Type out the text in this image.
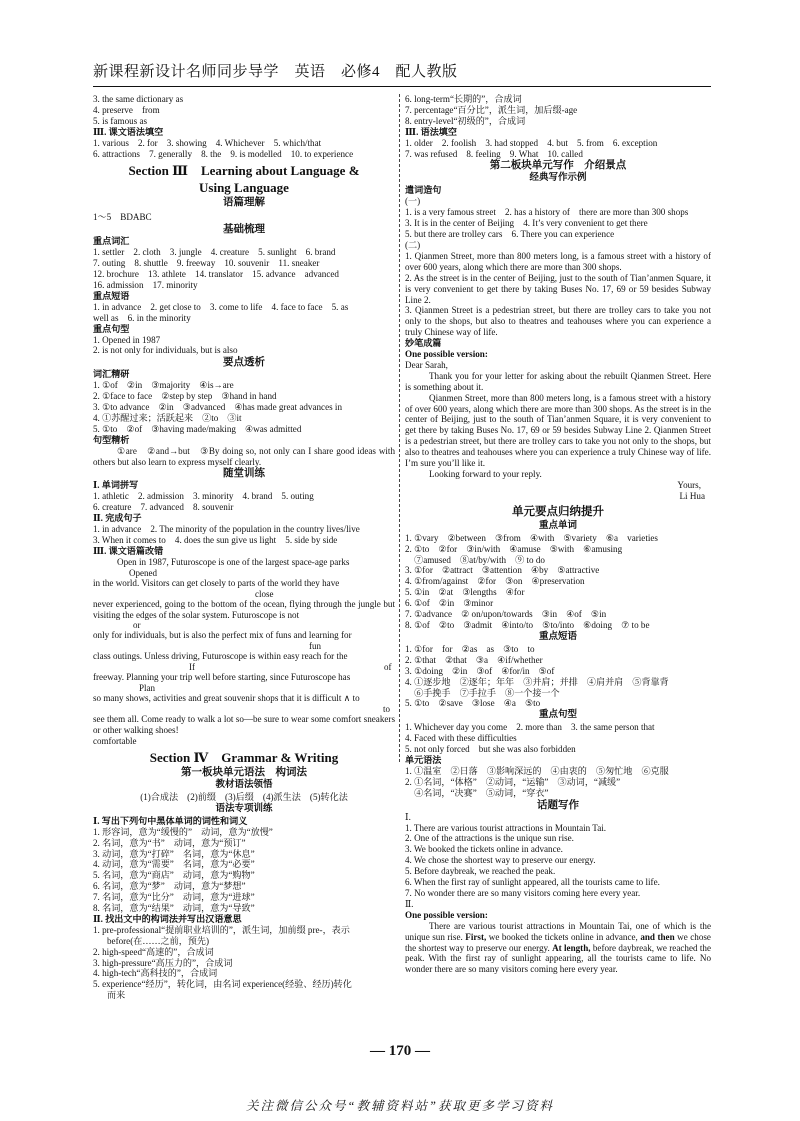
新课程新设计名师同步导学　英语　必修4　配人教版
3. the same dictionary as
4. preserve　from
5. is famous as
Ⅲ. 课文语法填空
1. various　2. for　3. showing　4. Whichever　5. which/that
6. attractions　7. generally　8. the　9. is modelled　10. to experience
Section Ⅲ　Learning about Language &
Using Language
语篇理解
1～5　BDABC
基础梳理
重点词汇
1. settler　2. cloth　3. jungle　4. creature　5. sunlight　6. brand
7. outing　8. shuttle　9. freeway　10. souvenir　11. sneaker
12. brochure　13. athlete　14. translator　15. advance　advanced
16. admission　17. minority
重点短语
1. in advance　2. get close to　3. come to life　4. face to face　5. as
well as　6. in the minority
重点句型
1. Opened in 1987
2. is not only for individuals, but is also
要点透析
词汇精研
1. ①of　②in　③majority　④is→are
2. ①face to face　②step by step　③hand in hand
3. ①to advance　②in　③advanced　④has made great advances in
4. ①苏醒过来；活跃起来　②to　③it
5. ①to　②of　③having made/making　④was admitted
句型精析
①are　②and→but　③By doing so, not only can I share good ideas with others but also learn to express myself clearly.
随堂训练
Ⅰ. 单词拼写
1. athletic　2. admission　3. minority　4. brand　5. outing
6. creature　7. advanced　8. souvenir
Ⅱ. 完成句子
1. in advance　2. The minority of the population in the country lives/live
3. When it comes to　4. does the sun give us light　5. side by side
Ⅲ. 课文语篇改错
Open in 1987, Futuroscope is one of the largest space-age parks
Opened
in the world. Visitors can get closely to parts of the world they have
close
never experienced, going to the bottom of the ocean, flying through the jungle but visiting the edges of the solar system. Futuroscope is not
or
only for individuals, but is also the perfect mix of funs and learning for
fun
class outings. Unless driving, Futuroscope is within easy reach for the
If　　　　　　　　　　　　　　　　　　　　　of
freeway. Planning your trip well before starting, since Futuroscope has
Plan
so many shows, activities and great souvenir shops that it is difficult ∧ to
to
see them all. Come ready to walk a lot so—be sure to wear some comfort sneakers or other walking shoes!
comfortable
Section Ⅳ　Grammar & Writing
第一板块单元语法　构词法
教材语法领悟
(1)合成法　(2)前缀　(3)后缀　(4)派生法　(5)转化法
语法专项训练
Ⅰ. 写出下列句中黑体单词的词性和词义
1. 形容词，意为“缓慢的”　动词，意为“放慢”
2. 名词，意为“书”　动词，意为“预订”
3. 动词，意为“打碎”　名词，意为“休息”
4. 动词，意为“需要”　名词，意为“必要”
5. 名词，意为“商店”　动词，意为“购物”
6. 名词，意为“梦”　动词，意为“梦想”
7. 名词，意为“比分”　动词，意为“进球”
8. 名词，意为“结果”　动词，意为“导致”
Ⅱ. 找出文中的构词法并写出汉语意思
1. pre-professional“提前职业培训的”，派生词，加前缀 pre-，表示
before(在……之前，预先)
2. high-speed“高速的”，合成词
3. high-pressure“高压力的”，合成词
4. high-tech“高科技的”，合成词
5. experience“经历”，转化词，由名词 experience(经验、经历)转化
而来
6. long-term“长期的”，合成词
7. percentage“百分比”，派生词，加后缀-age
8. entry-level“初级的”，合成词
Ⅲ. 语法填空
1. older　2. foolish　3. had stopped　4. but　5. from　6. exception
7. was refused　8. feeling　9. What　10. called
第二板块单元写作　介绍景点
经典写作示例
遣词造句
(一)
1. is a very famous street　2. has a history of　there are more than 300 shops
3. It is in the center of Beijing　4. It’s very convenient to get there
5. but there are trolley cars　6. There you can experience
(二)
1. Qianmen Street, more than 800 meters long, is a famous street with a history of over 600 years, along which there are more than 300 shops.
2. As the street is in the center of Beijing, just to the south of Tian’anmen Square, it is very convenient to get there by taking Buses No. 17, 69 or 59 besides Subway Line 2.
3. Qianmen Street is a pedestrian street, but there are trolley cars to take you not only to the shops, but also to theatres and teahouses where you can experience a truly Chinese way of life.
妙笔成篇
One possible version:
Dear Sarah,
Thank you for your letter for asking about the rebuilt Qianmen Street. Here is something about it.
Qianmen Street, more than 800 meters long, is a famous street with a history of over 600 years, along which there are more than 300 shops. As the street is in the center of Beijing, just to the south of Tian’anmen Square, it is very convenient to get there by taking Buses No. 17, 69 or 59 besides Subway Line 2. Qianmen Street is a pedestrian street, but there are trolley cars to take you not only to the shops, but also to theatres and teahouses where you can experience a truly Chinese way of life. I’m sure you’ll like it.
Looking forward to your reply.
Yours,
Li Hua
单元要点归纳提升
重点单词
1. ①vary　②between　③from　④with　⑤variety　⑥a　varieties
2. ①to　②for　③in/with　④amuse　⑤with　⑥amusing
　⑦amused　⑧at/by/with　⑨ to do
3. ①for　②attract　③attention　④by　⑤attractive
4. ①from/against　②for　③on　④preservation
5. ①in　②at　③lengths　④for
6. ①of　②in　③minor
7. ①advance　② on/upon/towards　③in　④of　⑤in
8. ①of　②to　③admit　④into/to　⑤to/into　⑥doing　⑦ to be
重点短语
1. ①for　for　②as　as　③to　to
2. ①that　②that　③a　④if/whether
3. ①doing　②in　③of　④for/in　⑤of
4. ①逐步地　②逐年；年年　③并肩；并排　④肩并肩　⑤背靠背
　⑥手挽手　⑦手拉手　⑧一个接一个
5. ①to　②save　③lose　④a　⑤to
重点句型
1. Whichever day you come　2. more than　3. the same person that
4. Faced with these difficulties
5. not only forced　but she was also forbidden
单元语法
1. ①温室　②日落　③影响深远的　④由衷的　⑤匆忙地　⑥克服
2. ①名词，“体格”　②动词，“运输”　③动词，“减缓”
　④名词，“决赛”　⑤动词，“穿衣”
话题写作
Ⅰ.
1. There are various tourist attractions in Mountain Tai.
2. One of the attractions is the unique sun rise.
3. We booked the tickets online in advance.
4. We chose the shortest way to preserve our energy.
5. Before daybreak, we reached the peak.
6. When the first ray of sunlight appeared, all the tourists came to life.
7. No wonder there are so many visitors coming here every year.
Ⅱ.
One possible version:
There are various tourist attractions in Mountain Tai, one of which is the unique sun rise. First, we booked the tickets online in advance, and then we chose the shortest way to preserve our energy. At length, before daybreak, we reached the peak. With the first ray of sunlight appearing, all the tourists came to life. No wonder there are so many visitors coming here every year.
— 170 —
关注微信公众号“教辅资料站”获取更多学习资料
